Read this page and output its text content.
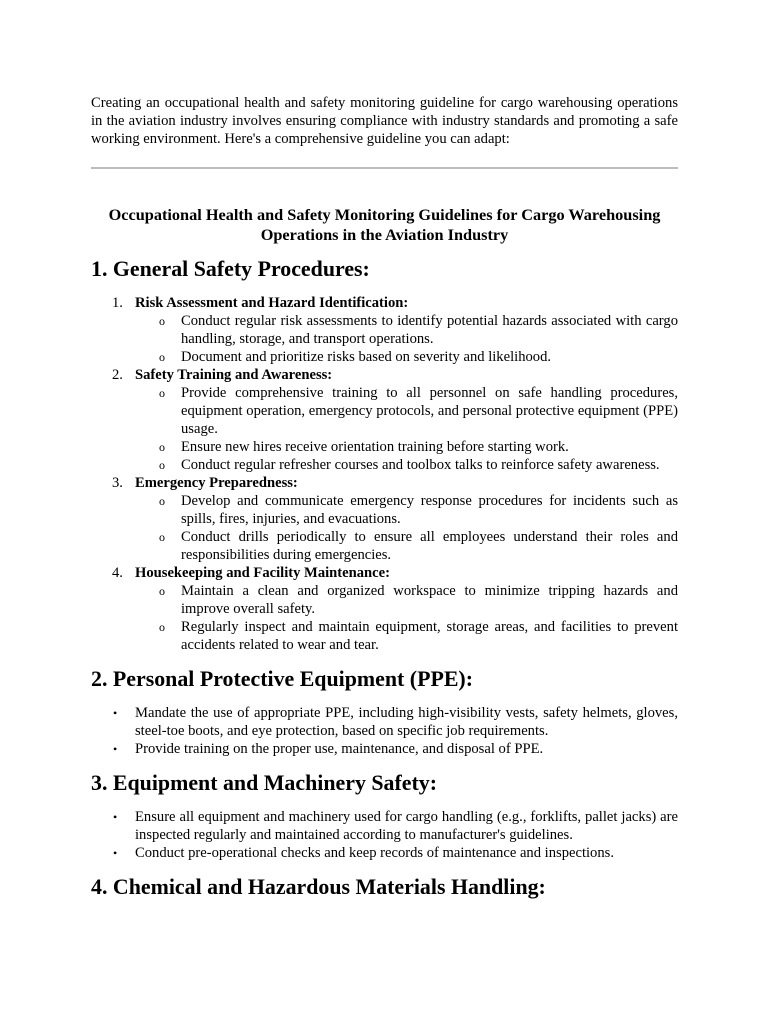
Creating an occupational health and safety monitoring guideline for cargo warehousing operations in the aviation industry involves ensuring compliance with industry standards and promoting a safe working environment. Here's a comprehensive guideline you can adapt:

Occupational Health and Safety Monitoring Guidelines for Cargo Warehousing Operations in the Aviation Industry
1. General Safety Procedures:
1. Risk Assessment and Hazard Identification:
o Conduct regular risk assessments to identify potential hazards associated with cargo handling, storage, and transport operations.
o Document and prioritize risks based on severity and likelihood.
2. Safety Training and Awareness:
o Provide comprehensive training to all personnel on safe handling procedures, equipment operation, emergency protocols, and personal protective equipment (PPE) usage.
o Ensure new hires receive orientation training before starting work.
o Conduct regular refresher courses and toolbox talks to reinforce safety awareness.
3. Emergency Preparedness:
o Develop and communicate emergency response procedures for incidents such as spills, fires, injuries, and evacuations.
o Conduct drills periodically to ensure all employees understand their roles and responsibilities during emergencies.
4. Housekeeping and Facility Maintenance:
o Maintain a clean and organized workspace to minimize tripping hazards and improve overall safety.
o Regularly inspect and maintain equipment, storage areas, and facilities to prevent accidents related to wear and tear.
2. Personal Protective Equipment (PPE):
• Mandate the use of appropriate PPE, including high-visibility vests, safety helmets, gloves, steel-toe boots, and eye protection, based on specific job requirements.
• Provide training on the proper use, maintenance, and disposal of PPE.
3. Equipment and Machinery Safety:
• Ensure all equipment and machinery used for cargo handling (e.g., forklifts, pallet jacks) are inspected regularly and maintained according to manufacturer's guidelines.
• Conduct pre-operational checks and keep records of maintenance and inspections.
4. Chemical and Hazardous Materials Handling:
